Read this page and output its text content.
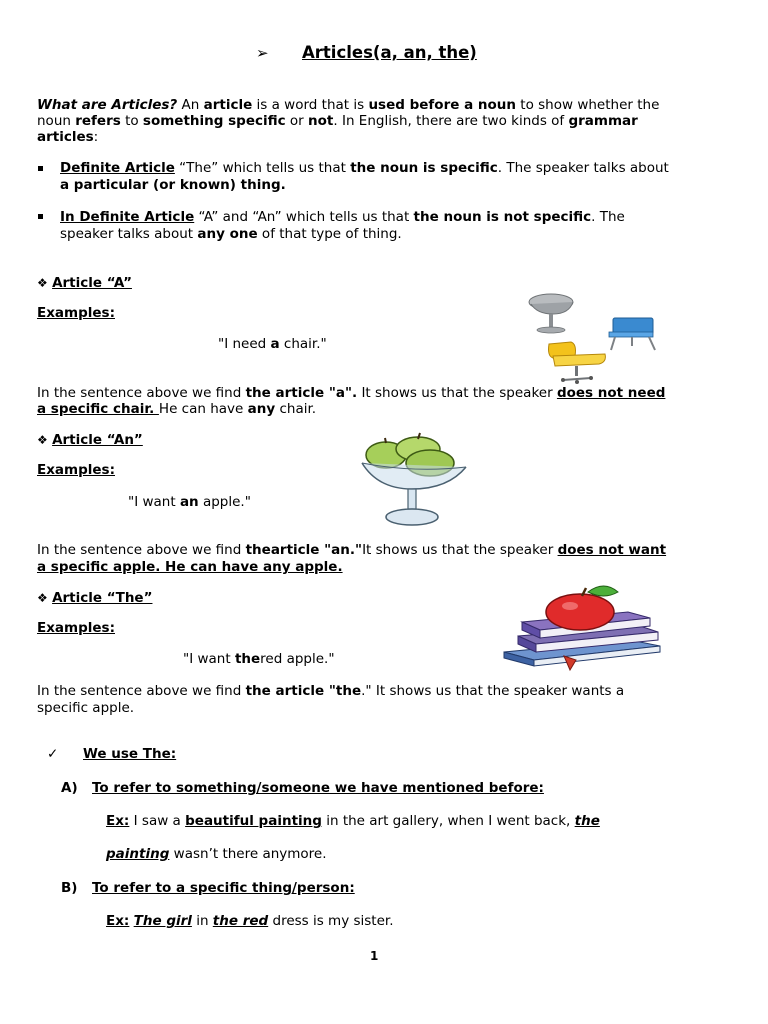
➢ Articles(a, an, the)
What are Articles? An article is a word that is used before a noun to show whether the
noun refers to something specific or not. In English, there are two kinds of grammar
articles:
Definite Article “The” which tells us that the noun is specific. The speaker talks about
a particular (or known) thing.
In Definite Article “A” and “An” which tells us that the noun is not specific. The
speaker talks about any one of that type of thing.
❖ Article “A”
Examples:
"I need a chair."
In the sentence above we find the article "a". It shows us that the speaker does not need
a specific chair. He can have any chair.
❖ Article “An”
Examples:
"I want an apple."
In the sentence above we find thearticle "an."It shows us that the speaker does not want
a specific apple. He can have any apple.
❖ Article “The”
Examples:
"I want thered apple."
In the sentence above we find the article "the." It shows us that the speaker wants a
specific apple.
✓ We use The:
A) To refer to something/someone we have mentioned before:
Ex: I saw a beautiful painting in the art gallery, when I went back, the
painting wasn’t there anymore.
B) To refer to a specific thing/person:
Ex: The girl in the red dress is my sister.
1
